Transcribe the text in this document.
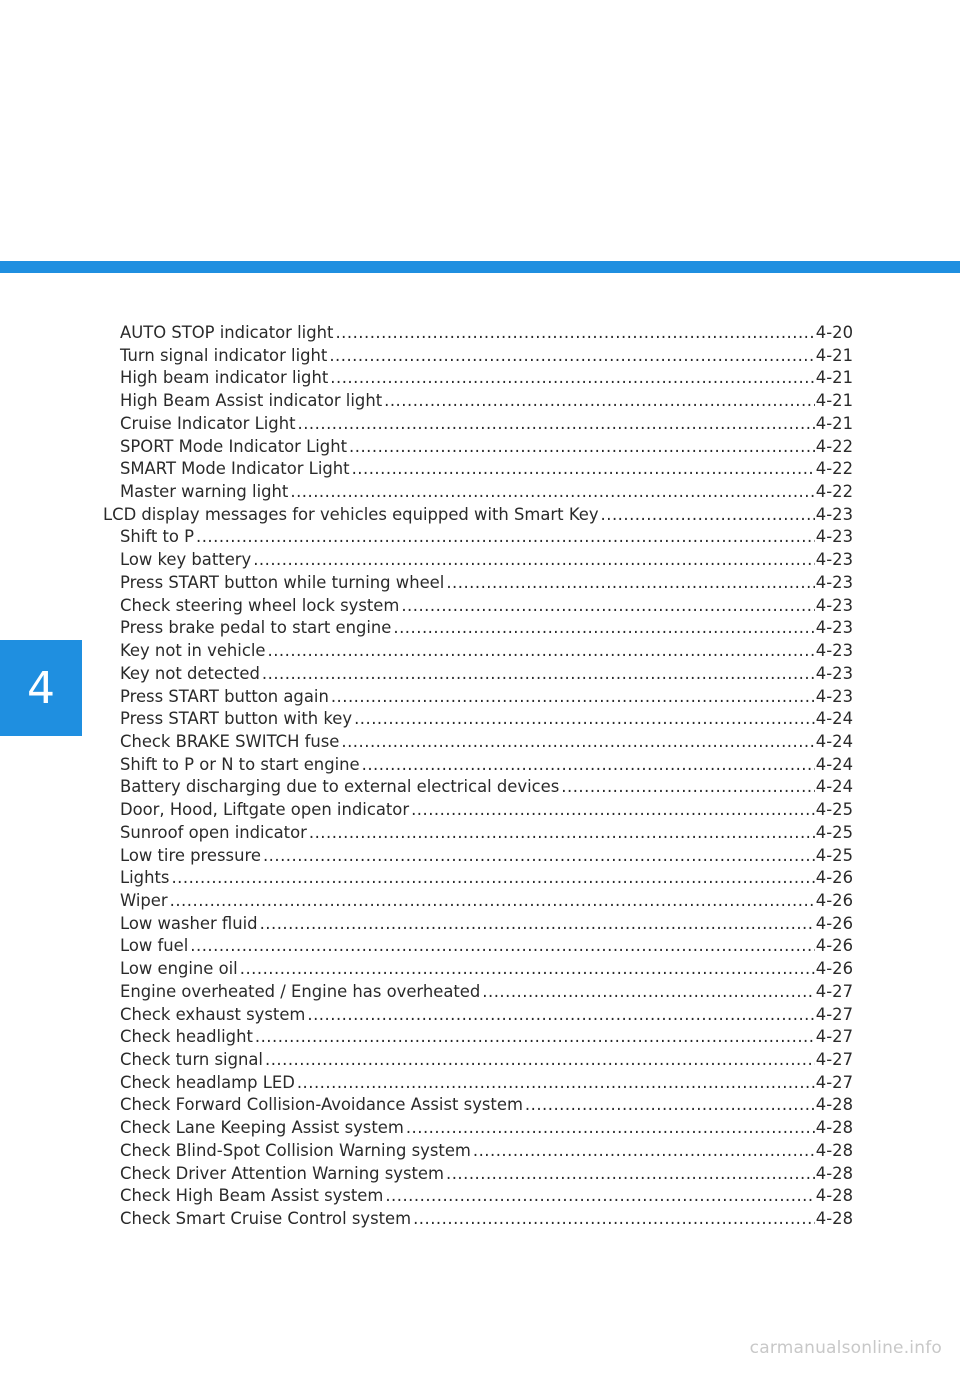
4
AUTO STOP indicator light .....	4-20
Turn signal indicator light .....	4-21
High beam indicator light .....	4-21
High Beam Assist indicator light .....	4-21
Cruise Indicator Light .....	4-21
SPORT Mode Indicator Light .....	4-22
SMART Mode Indicator Light .....	4-22
Master warning light .....	4-22
LCD display messages for vehicles equipped with Smart Key .....	4-23
Shift to P .....	4-23
Low key battery .....	4-23
Press START button while turning wheel .....	4-23
Check steering wheel lock system .....	4-23
Press brake pedal to start engine .....	4-23
Key not in vehicle .....	4-23
Key not detected .....	4-23
Press START button again .....	4-23
Press START button with key .....	4-24
Check BRAKE SWITCH fuse .....	4-24
Shift to P or N to start engine .....	4-24
Battery discharging due to external electrical devices .....	4-24
Door, Hood, Liftgate open indicator .....	4-25
Sunroof open indicator .....	4-25
Low tire pressure .....	4-25
Lights .....	4-26
Wiper .....	4-26
Low washer fluid .....	4-26
Low fuel .....	4-26
Low engine oil .....	4-26
Engine overheated / Engine has overheated .....	4-27
Check exhaust system .....	4-27
Check headlight .....	4-27
Check turn signal .....	4-27
Check headlamp LED .....	4-27
Check Forward Collision-Avoidance Assist system .....	4-28
Check Lane Keeping Assist system .....	4-28
Check Blind-Spot Collision Warning system .....	4-28
Check Driver Attention Warning system .....	4-28
Check High Beam Assist system .....	4-28
Check Smart Cruise Control system .....	4-28
carmanualsonline.info
